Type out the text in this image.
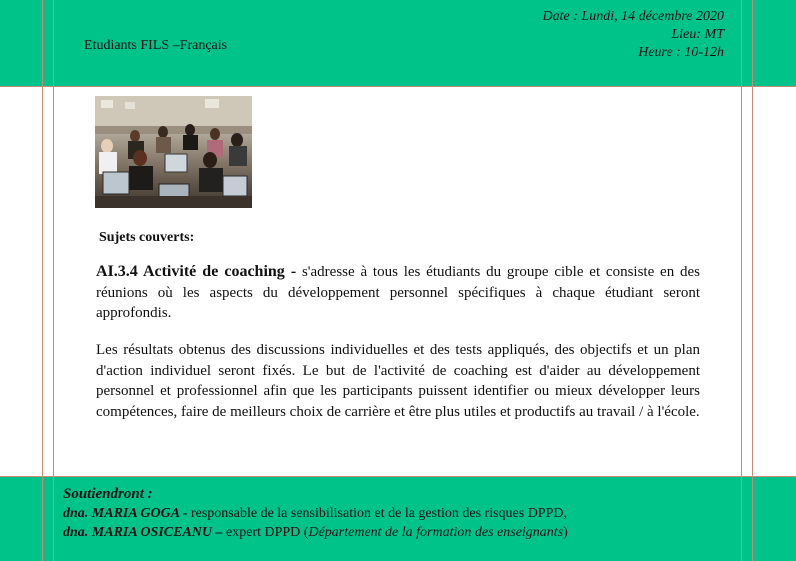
Etudiants FILS –Français
Date : Lundi, 14 décembre 2020
Lieu: MT
Heure : 10-12h
Sujets couverts:
AI.3.4 Activité de coaching - s'adresse à tous les étudiants du groupe cible et consiste en des réunions où les aspects du développement personnel spécifiques à chaque étudiant seront approfondis.
Les résultats obtenus des discussions individuelles et des tests appliqués, des objectifs et un plan d'action individuel seront fixés. Le but de l'activité de coaching est d'aider au développement personnel et professionnel afin que les participants puissent identifier ou mieux développer leurs compétences, faire de meilleurs choix de carrière et être plus utiles et productifs au travail / à l'école.
Soutiendront :
dna. MARIA GOGA - responsable de la sensibilisation et de la gestion des risques DPPD,
dna. MARIA OSICEANU – expert DPPD (Département de la formation des enseignants)
